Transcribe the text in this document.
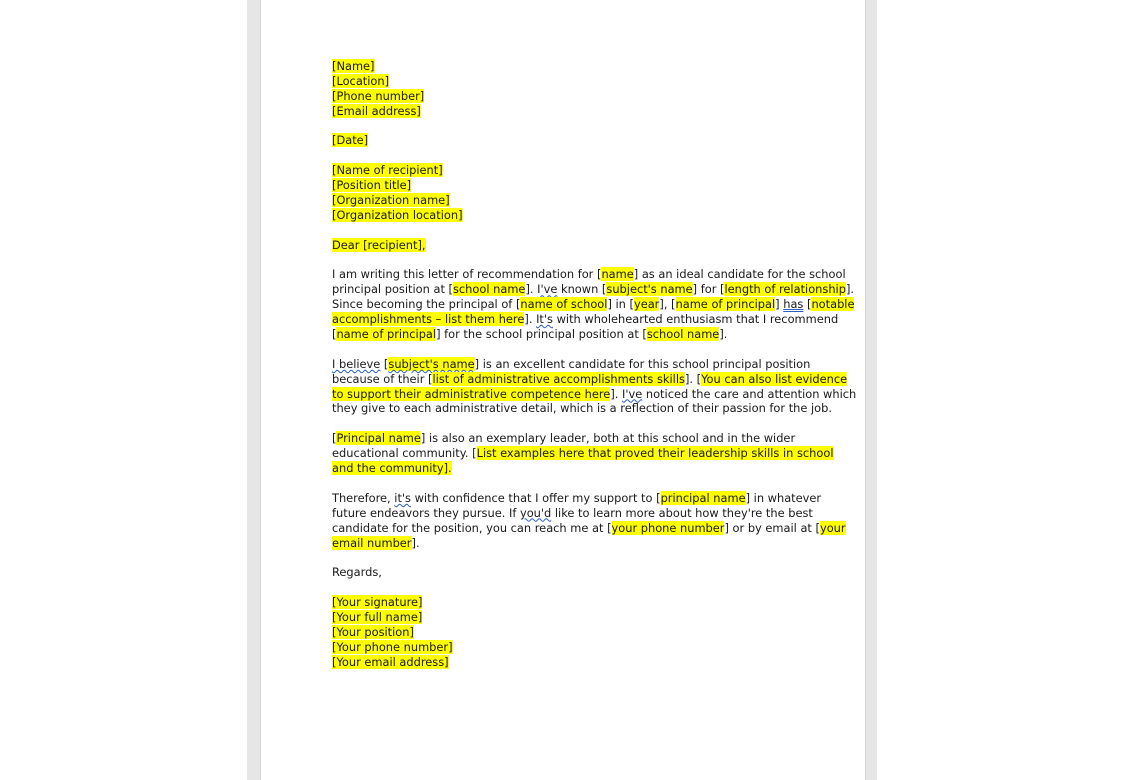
[Name]
[Location]
[Phone number]
[Email address]
[Date]
[Name of recipient]
[Position title]
[Organization name]
[Organization location]
Dear [recipient],
I am writing this letter of recommendation for [name] as an ideal candidate for the school
principal position at [school name]. I've known [subject's name] for [length of relationship].
Since becoming the principal of [name of school] in [year], [name of principal] has [notable
accomplishments – list them here]. It's with wholehearted enthusiasm that I recommend
[name of principal] for the school principal position at [school name].
I believe [subject's name] is an excellent candidate for this school principal position
because of their [list of administrative accomplishments skills]. [You can also list evidence
to support their administrative competence here]. I've noticed the care and attention which
they give to each administrative detail, which is a reflection of their passion for the job.
[Principal name] is also an exemplary leader, both at this school and in the wider
educational community. [List examples here that proved their leadership skills in school
and the community].
Therefore, it's with confidence that I offer my support to [principal name] in whatever
future endeavors they pursue. If you'd like to learn more about how they're the best
candidate for the position, you can reach me at [your phone number] or by email at [your
email number].
Regards,
[Your signature]
[Your full name]
[Your position]
[Your phone number]
[Your email address]
